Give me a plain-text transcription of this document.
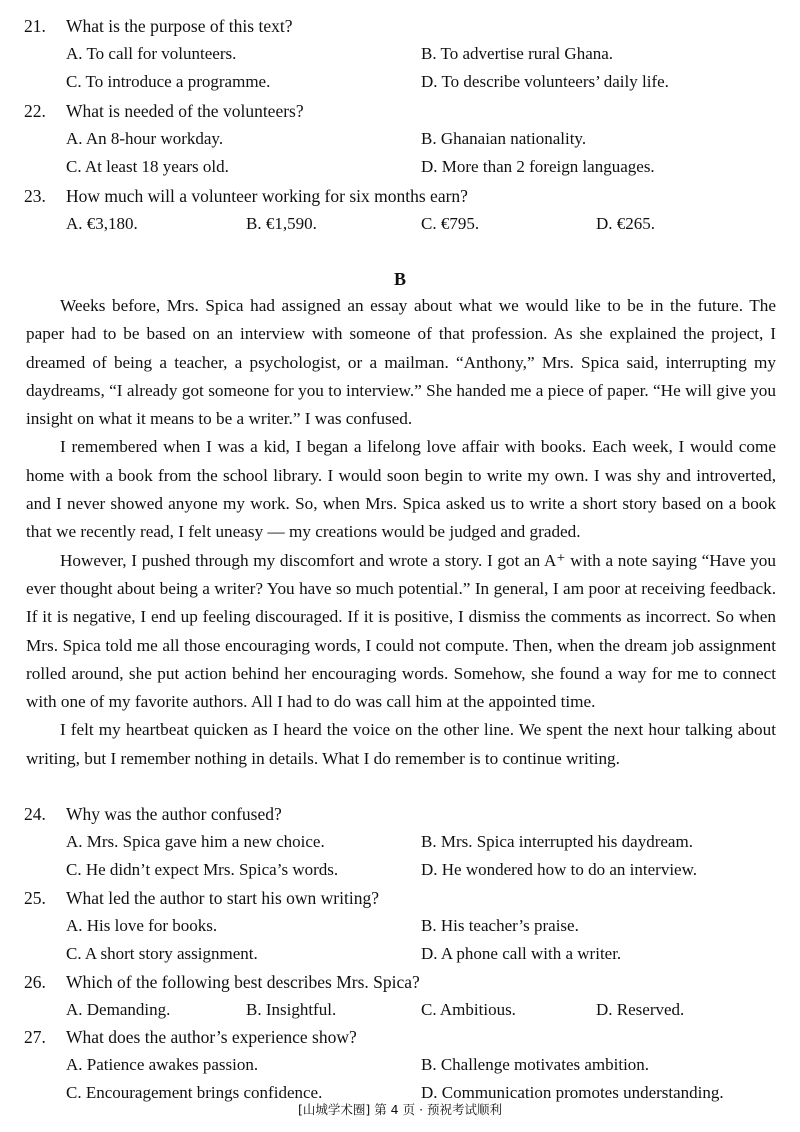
21. What is the purpose of this text?
A. To call for volunteers.	B. To advertise rural Ghana.
C. To introduce a programme.	D. To describe volunteers’ daily life.
22. What is needed of the volunteers?
A. An 8-hour workday.	B. Ghanaian nationality.
C. At least 18 years old.	D. More than 2 foreign languages.
23. How much will a volunteer working for six months earn?
A. €3,180.	B. €1,590.	C. €795.	D. €265.
B

Weeks before, Mrs. Spica had assigned an essay about what we would like to be in the future. The paper had to be based on an interview with someone of that profession. As she explained the project, I dreamed of being a teacher, a psychologist, or a mailman. “Anthony,” Mrs. Spica said, interrupting my daydreams, “I already got someone for you to interview.” She handed me a piece of paper. “He will give you insight on what it means to be a writer.” I was confused.

I remembered when I was a kid, I began a lifelong love affair with books. Each week, I would come home with a book from the school library. I would soon begin to write my own. I was shy and introverted, and I never showed anyone my work. So, when Mrs. Spica asked us to write a short story based on a book that we recently read, I felt uneasy — my creations would be judged and graded.

However, I pushed through my discomfort and wrote a story. I got an A⁺ with a note saying “Have you ever thought about being a writer? You have so much potential.” In general, I am poor at receiving feedback. If it is negative, I end up feeling discouraged. If it is positive, I dismiss the comments as incorrect. So when Mrs. Spica told me all those encouraging words, I could not compute. Then, when the dream job assignment rolled around, she put action behind her encouraging words. Somehow, she found a way for me to connect with one of my favorite authors. All I had to do was call him at the appointed time.

I felt my heartbeat quicken as I heard the voice on the other line. We spent the next hour talking about writing, but I remember nothing in details. What I do remember is to continue writing.

24. Why was the author confused?
A. Mrs. Spica gave him a new choice.	B. Mrs. Spica interrupted his daydream.
C. He didn’t expect Mrs. Spica’s words.	D. He wondered how to do an interview.
25. What led the author to start his own writing?
A. His love for books.	B. His teacher’s praise.
C. A short story assignment.	D. A phone call with a writer.
26. Which of the following best describes Mrs. Spica?
A. Demanding.	B. Insightful.	C. Ambitious.	D. Reserved.
27. What does the author’s experience show?
A. Patience awakes passion.	B. Challenge motivates ambition.
C. Encouragement brings confidence.	D. Communication promotes understanding.
[山城学术圈] 第 4 页 · 预祝考试顺利
